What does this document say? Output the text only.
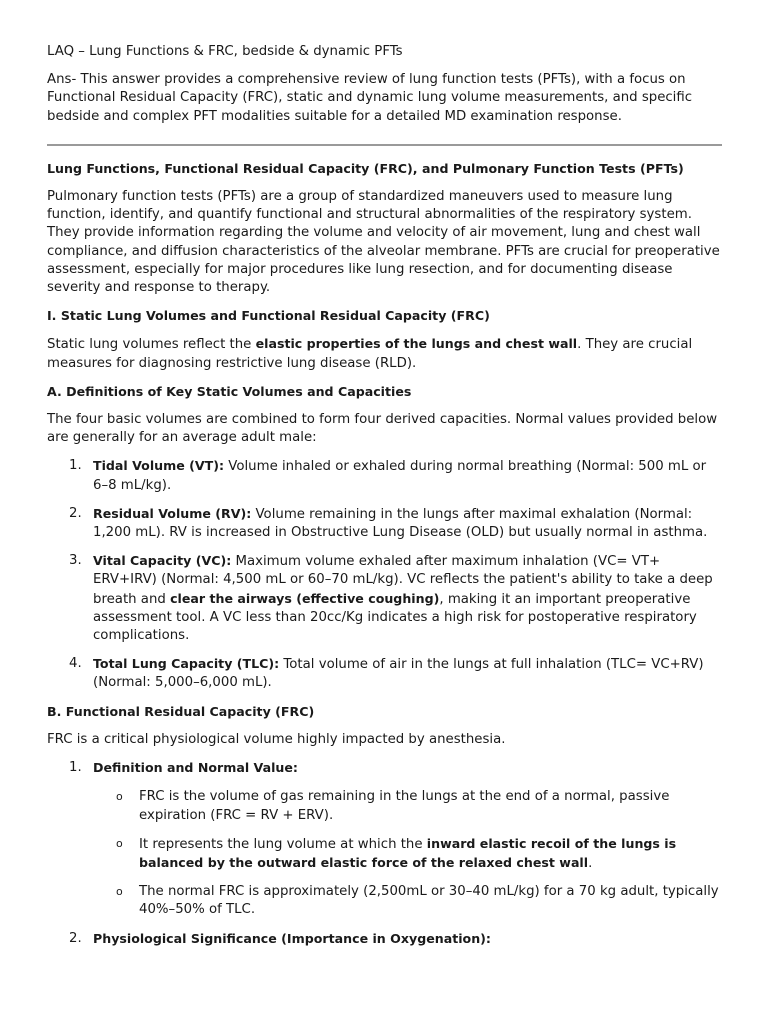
LAQ – Lung Functions & FRC, bedside & dynamic PFTs

Ans- This answer provides a comprehensive review of lung function tests (PFTs), with a focus on Functional Residual Capacity (FRC), static and dynamic lung volume measurements, and specific bedside and complex PFT modalities suitable for a detailed MD examination response.

Lung Functions, Functional Residual Capacity (FRC), and Pulmonary Function Tests (PFTs)

Pulmonary function tests (PFTs) are a group of standardized maneuvers used to measure lung function, identify, and quantify functional and structural abnormalities of the respiratory system. They provide information regarding the volume and velocity of air movement, lung and chest wall compliance, and diffusion characteristics of the alveolar membrane. PFTs are crucial for preoperative assessment, especially for major procedures like lung resection, and for documenting disease severity and response to therapy.

I. Static Lung Volumes and Functional Residual Capacity (FRC)

Static lung volumes reflect the elastic properties of the lungs and chest wall. They are crucial measures for diagnosing restrictive lung disease (RLD).

A. Definitions of Key Static Volumes and Capacities

The four basic volumes are combined to form four derived capacities. Normal values provided below are generally for an average adult male:

1. Tidal Volume (VT): Volume inhaled or exhaled during normal breathing (Normal: 500 mL or 6–8 mL/kg).
2. Residual Volume (RV): Volume remaining in the lungs after maximal exhalation (Normal: 1,200 mL). RV is increased in Obstructive Lung Disease (OLD) but usually normal in asthma.
3. Vital Capacity (VC): Maximum volume exhaled after maximum inhalation (VC= VT+ ERV+IRV) (Normal: 4,500 mL or 60–70 mL/kg). VC reflects the patient's ability to take a deep breath and clear the airways (effective coughing), making it an important preoperative assessment tool. A VC less than 20cc/Kg indicates a high risk for postoperative respiratory complications.
4. Total Lung Capacity (TLC): Total volume of air in the lungs at full inhalation (TLC= VC+RV) (Normal: 5,000–6,000 mL).

B. Functional Residual Capacity (FRC)

FRC is a critical physiological volume highly impacted by anesthesia.

1. Definition and Normal Value:
o FRC is the volume of gas remaining in the lungs at the end of a normal, passive expiration (FRC = RV + ERV).
o It represents the lung volume at which the inward elastic recoil of the lungs is balanced by the outward elastic force of the relaxed chest wall.
o The normal FRC is approximately (2,500mL or 30–40 mL/kg) for a 70 kg adult, typically 40%–50% of TLC.
2. Physiological Significance (Importance in Oxygenation):
